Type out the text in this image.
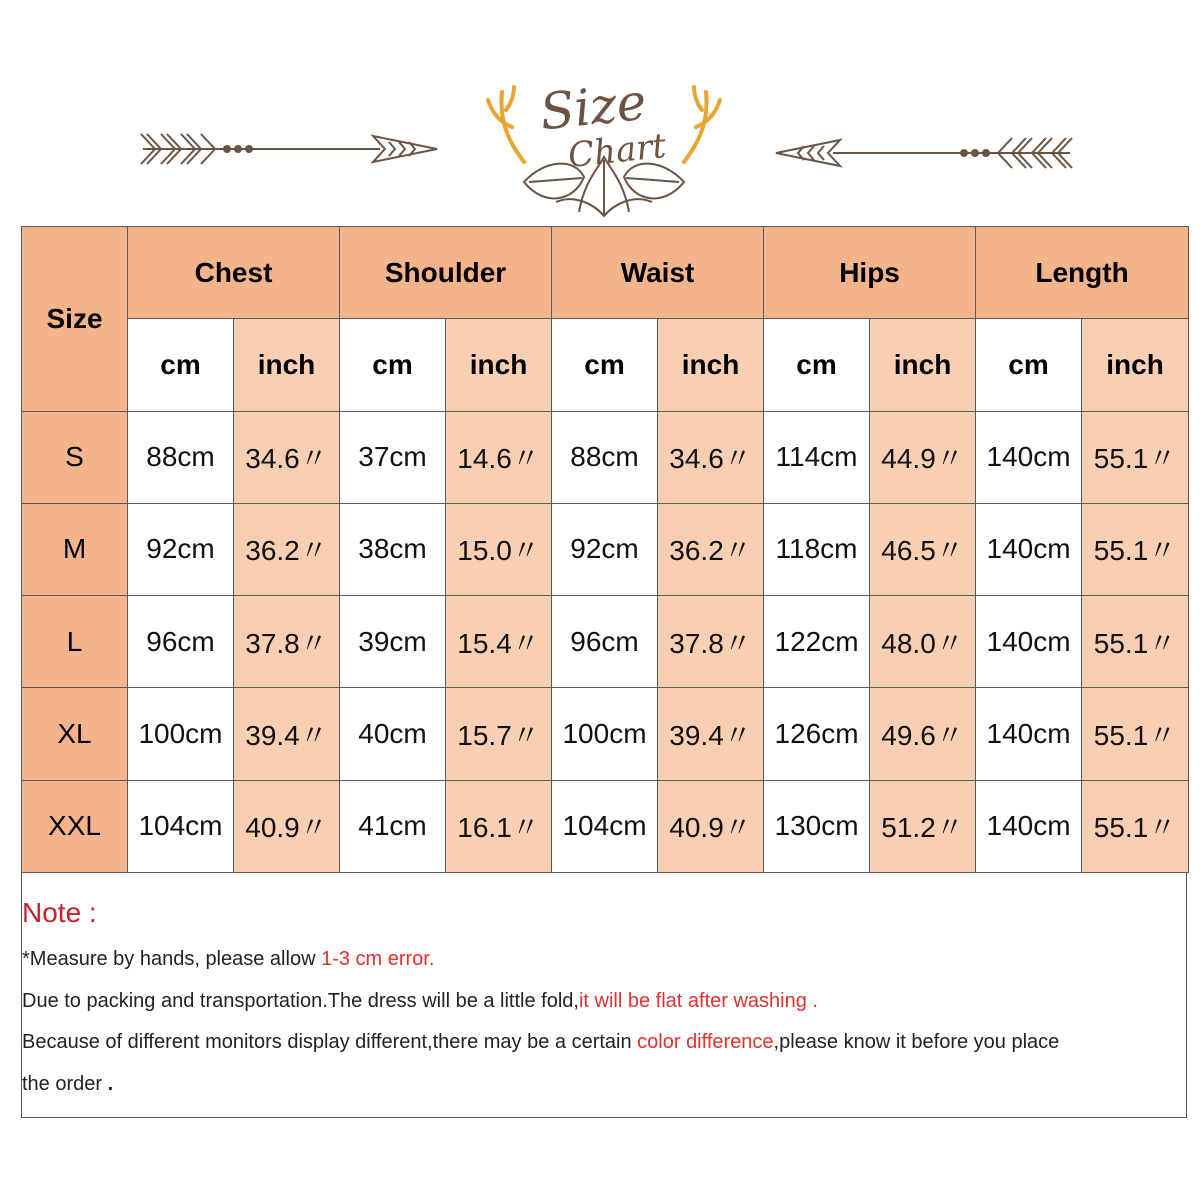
Size
Chart
Size	Chest		Shoulder		Waist		Hips		Length	
	cm	inch	cm	inch	cm	inch	cm	inch	cm	inch
S	88cm	34.6〃	37cm	14.6〃	88cm	34.6〃	114cm	44.9〃	140cm	55.1〃
M	92cm	36.2〃	38cm	15.0〃	92cm	36.2〃	118cm	46.5〃	140cm	55.1〃
L	96cm	37.8〃	39cm	15.4〃	96cm	37.8〃	122cm	48.0〃	140cm	55.1〃
XL	100cm	39.4〃	40cm	15.7〃	100cm	39.4〃	126cm	49.6〃	140cm	55.1〃
XXL	104cm	40.9〃	41cm	16.1〃	104cm	40.9〃	130cm	51.2〃	140cm	55.1〃
Note :
*Measure by hands, please allow 1-3 cm error.
Due to packing and transportation.The dress will be a little fold,it will be flat after washing .
Because of different monitors display different,there may be a certain color difference,please know it before you place
the order .
